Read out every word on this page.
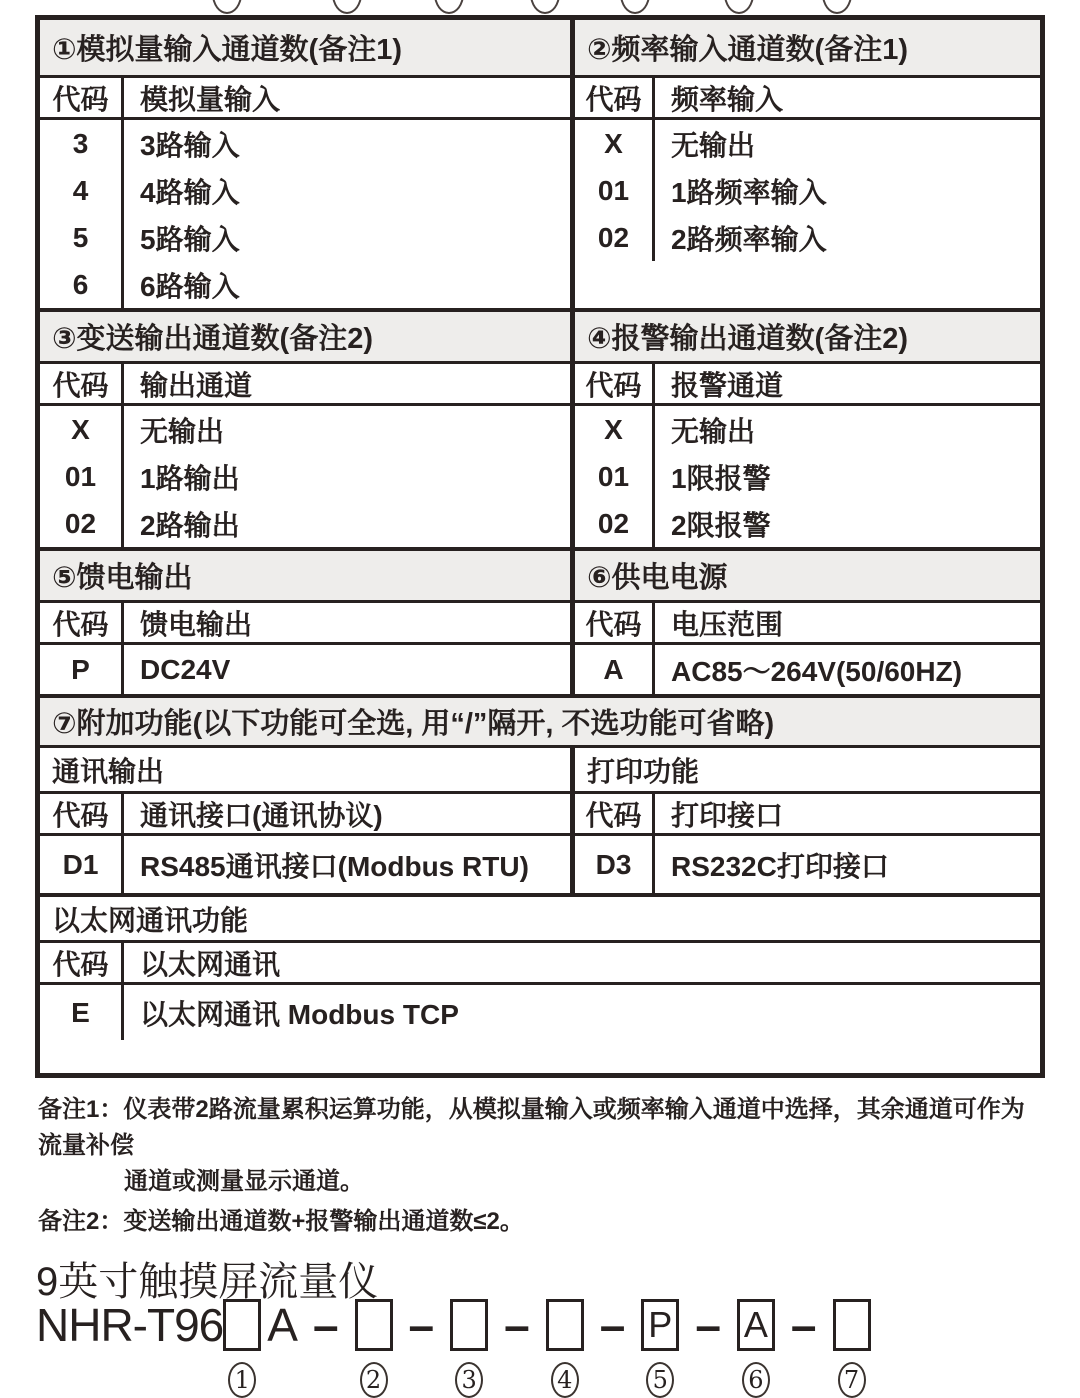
①模拟量输入通道数(备注1)
代码	模拟量输入
3	3路输入
4	4路输入
5	5路输入
6	6路输入
②频率输入通道数(备注1)
代码	频率输入
X	无输出
01	1路频率输入
02	2路频率输入
③变送输出通道数(备注2)
代码	输出通道
X	无输出
01	1路输出
02	2路输出
④报警输出通道数(备注2)
代码	报警通道
X	无输出
01	1限报警
02	2限报警
⑤馈电输出
代码	馈电输出
P	DC24V
⑥供电电源
代码	电压范围
A	AC85～264V(50/60HZ)
⑦附加功能(以下功能可全选, 用“/”隔开, 不选功能可省略)
通讯输出
代码	通讯接口(通讯协议)
D1	RS485通讯接口(Modbus RTU)
打印功能
代码	打印接口
D3	RS232C打印接口
以太网通讯功能
代码	以太网通讯
E	以太网通讯 Modbus TCP
备注1：仪表带2路流量累积运算功能，从模拟量输入或频率输入通道中选择，其余通道可作为流量补偿
通道或测量显示通道。
备注2：变送输出通道数+报警输出通道数≤2。
9英寸触摸屏流量仪
NHR-T96
1
A –
2
–
3
–
4
– P
5
– A
6
–
7
